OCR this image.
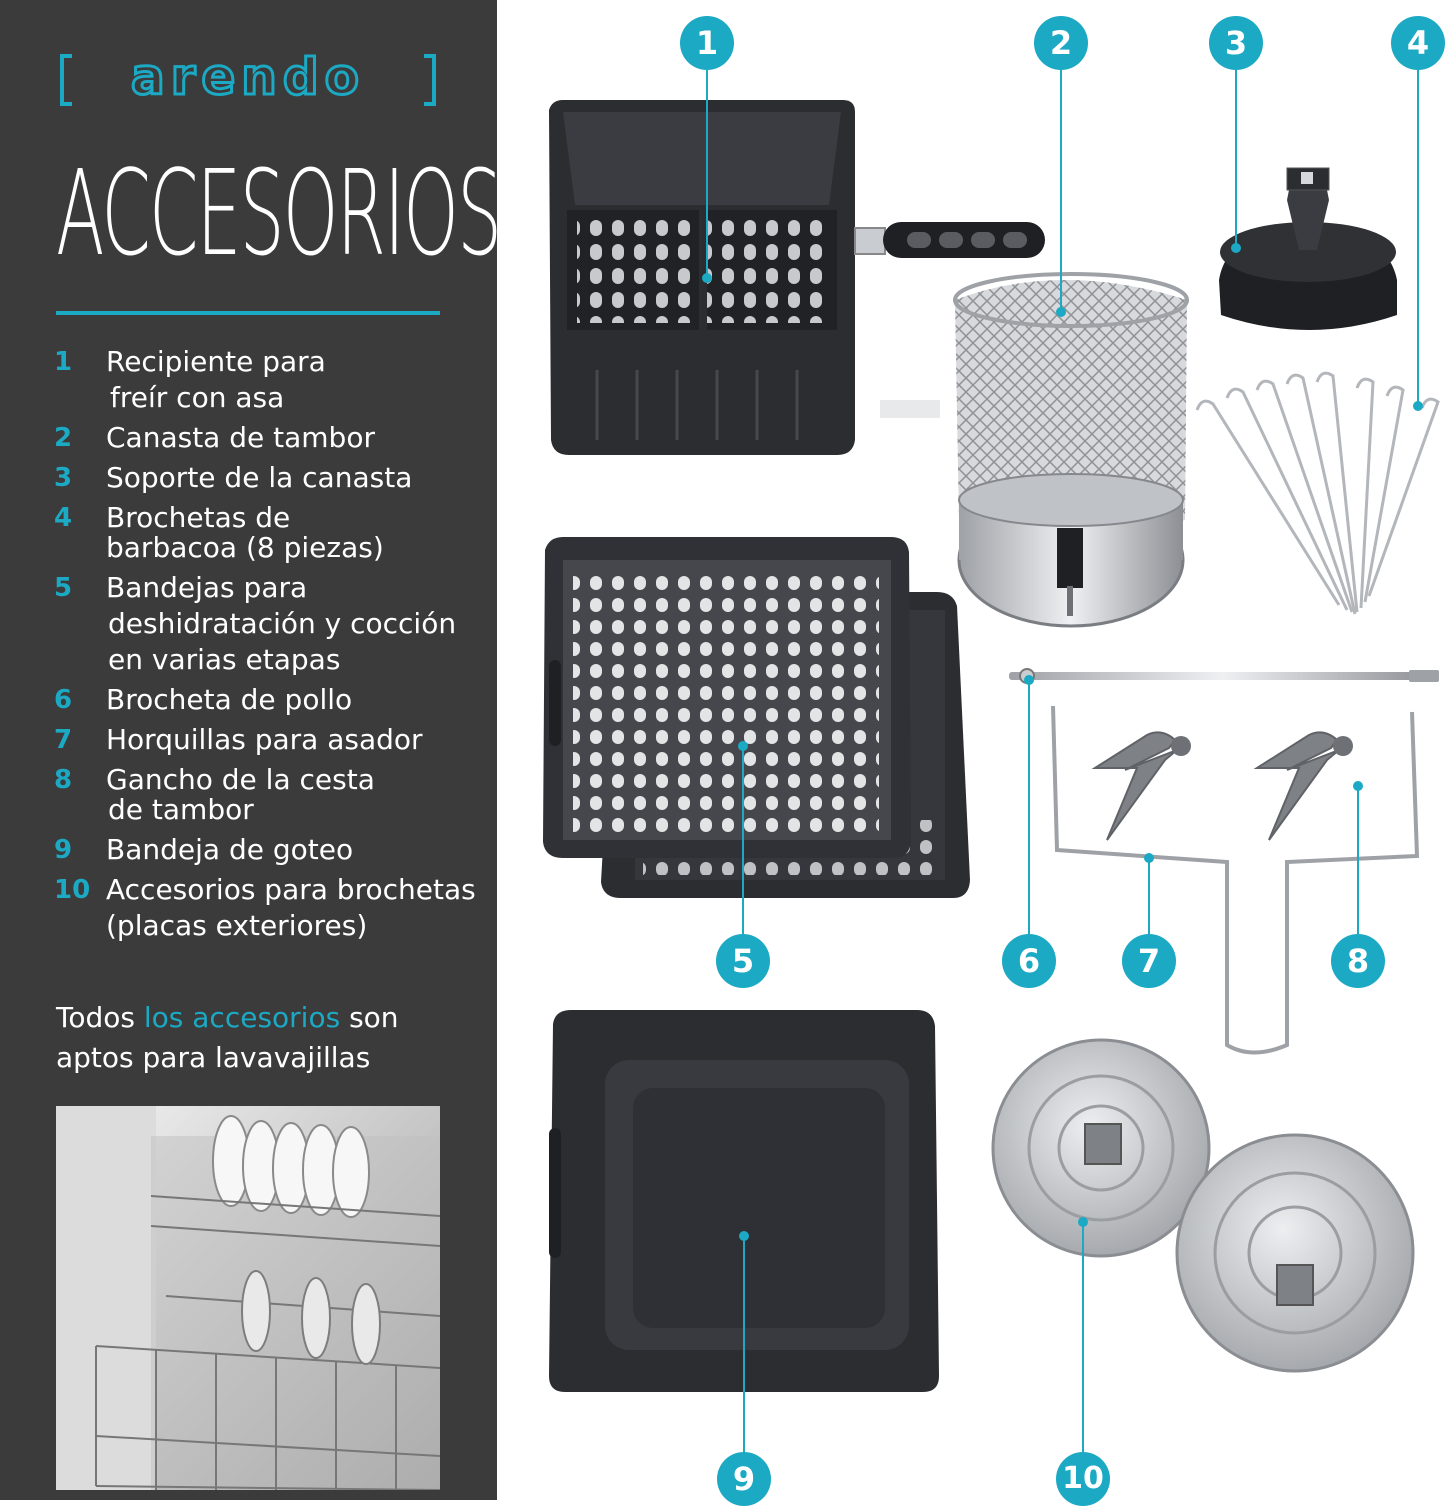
arendo
ACCESORIOS
1 Recipiente para
freír con asa
2 Canasta de tambor
3 Soporte de la canasta
4 Brochetas de
barbacoa (8 piezas)
5 Bandejas para
deshidratación y cocción
en varias etapas
6 Brocheta de pollo
7 Horquillas para asador
8 Gancho de la cesta
de tambor
9 Bandeja de goteo
10 Accesorios para brochetas
(placas exteriores)
Todos los accesorios son
aptos para lavavajillas
1	2	3	4
5	6	7	8
9	10
